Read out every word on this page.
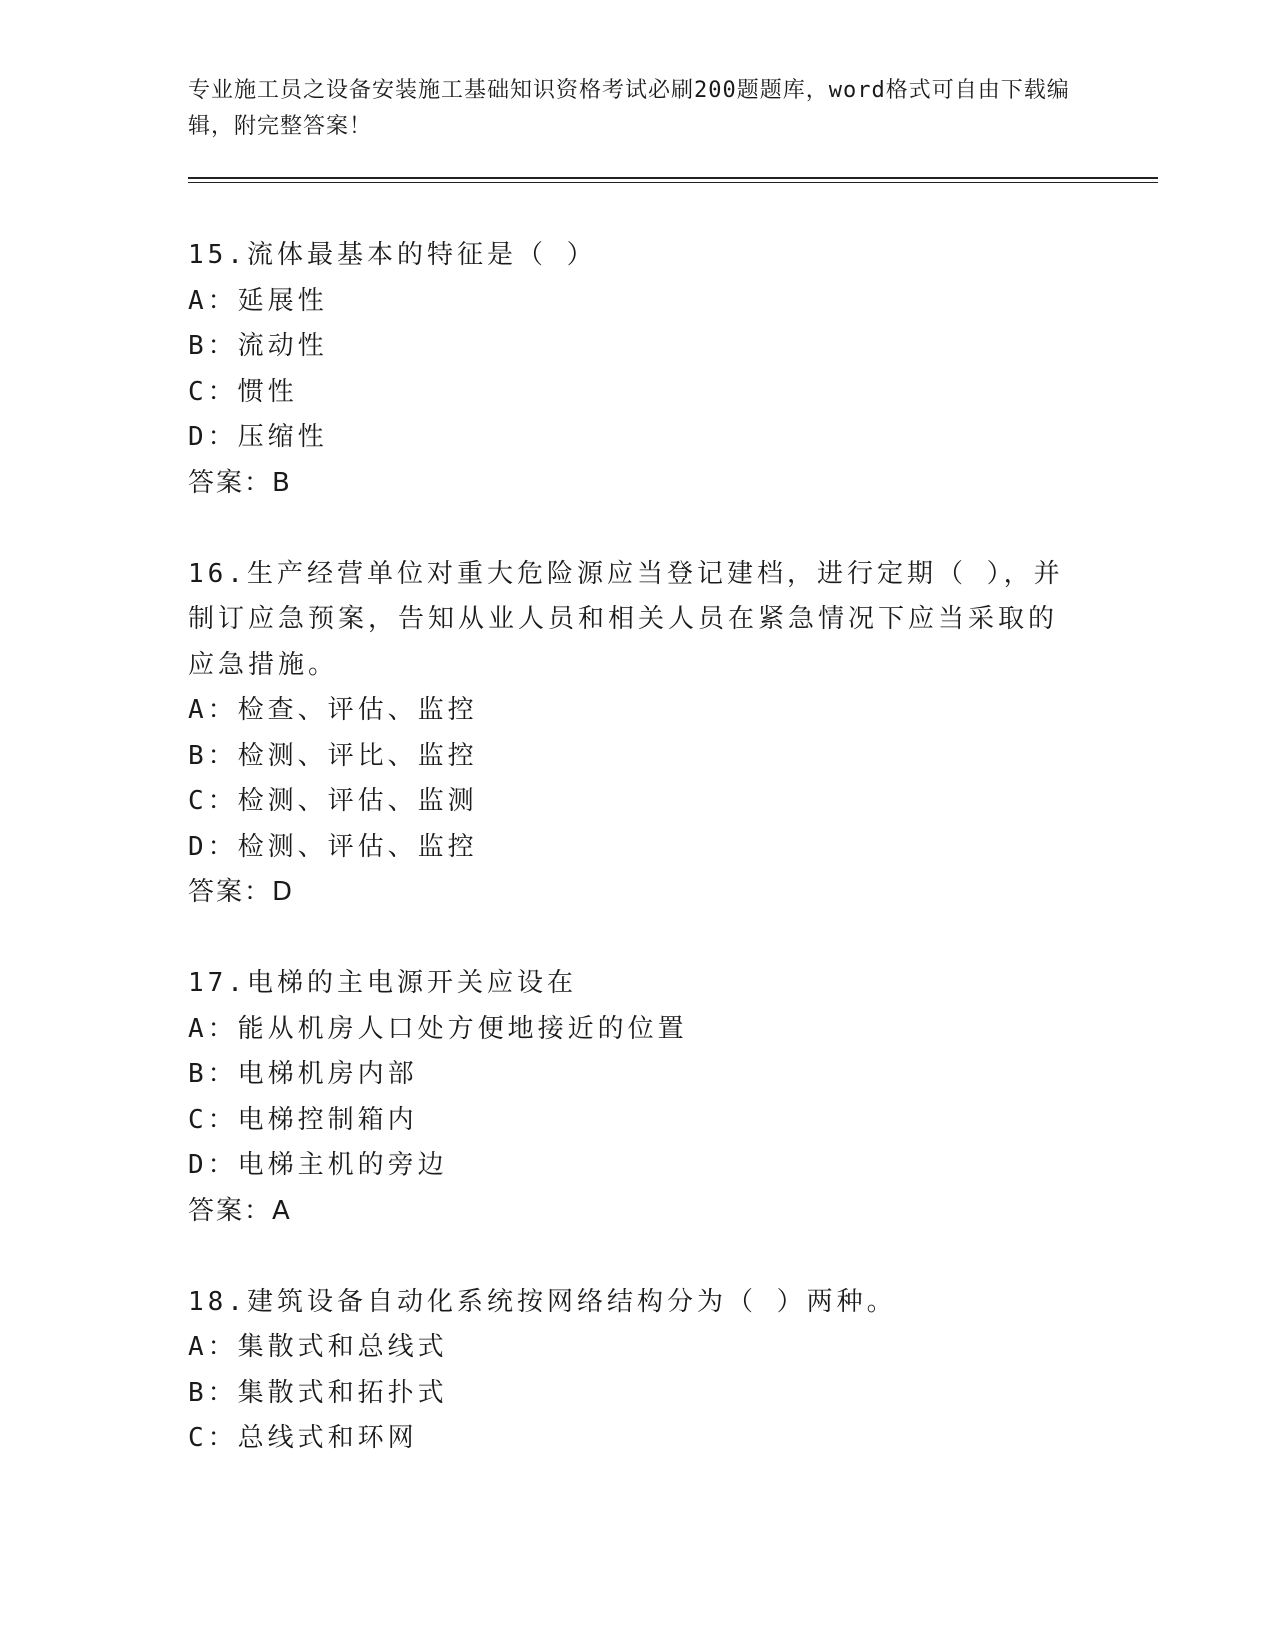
专业施工员之设备安装施工基础知识资格考试必刷200题题库，word格式可自由下载编辑，附完整答案！
15.流体最基本的特征是（ ）
A：延展性
B：流动性
C：惯性
D：压缩性
答案：B
16.生产经营单位对重大危险源应当登记建档，进行定期（ ），并制订应急预案，告知从业人员和相关人员在紧急情况下应当采取的应急措施。
A：检查、评估、监控
B：检测、评比、监控
C：检测、评估、监测
D：检测、评估、监控
答案：D
17.电梯的主电源开关应设在
A：能从机房人口处方便地接近的位置
B：电梯机房内部
C：电梯控制箱内
D：电梯主机的旁边
答案：A
18.建筑设备自动化系统按网络结构分为（ ）两种。
A：集散式和总线式
B：集散式和拓扑式
C：总线式和环网
